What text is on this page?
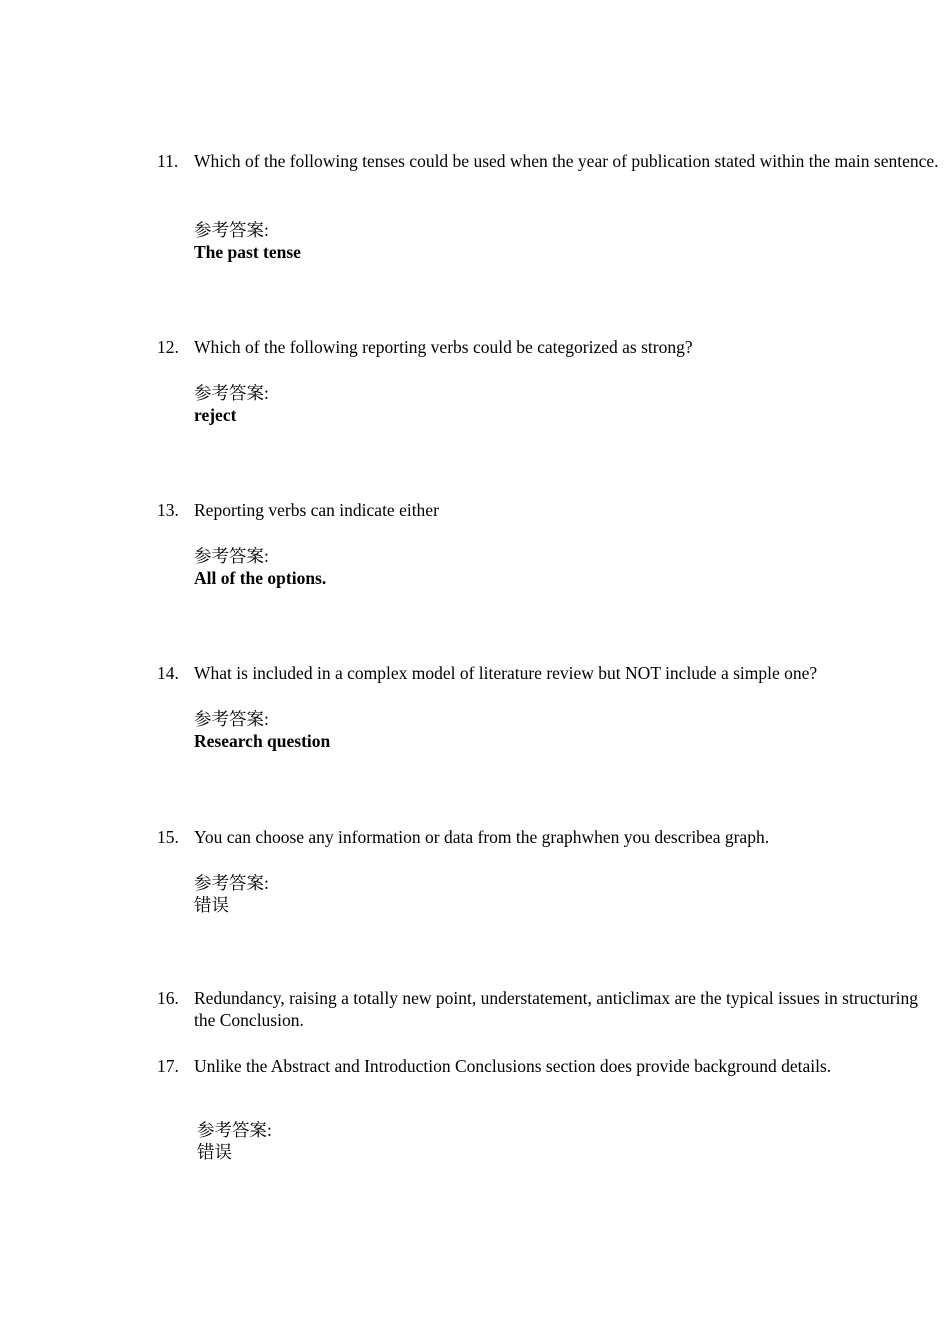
11. Which of the following tenses could be used when the year of publication stated within the main sentence.
参考答案:
The past tense
12. Which of the following reporting verbs could be categorized as strong?
参考答案:
reject
13. Reporting verbs can indicate either
参考答案:
All of the options.
14. What is included in a complex model of literature review but NOT include a simple one?
参考答案:
Research question
15. You can choose any information or data from the graphwhen you describea graph.
参考答案:
错误
16. Redundancy, raising a totally new point, understatement, anticlimax are the typical issues in structuring the Conclusion.
17. Unlike the Abstract and Introduction Conclusions section does provide background details.
参考答案:
错误
